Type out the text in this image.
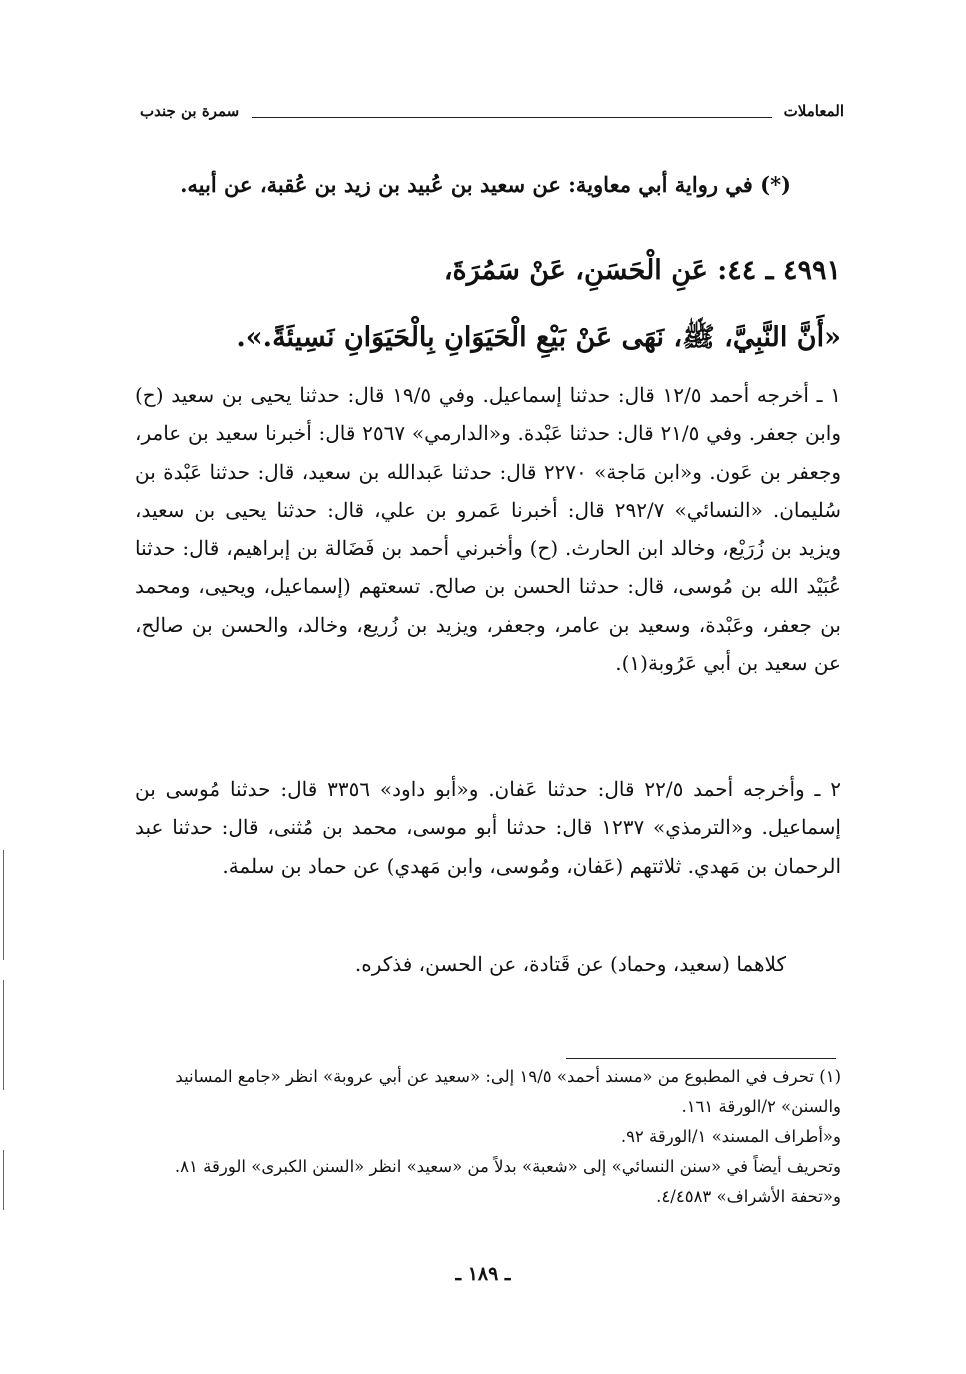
المعاملات
سمرة بن جندب
(*) في رواية أبي معاوية: عن سعيد بن عُبيد بن زيد بن عُقبة، عن أبيه.
٤٩٩١ ـ ٤٤: عَنِ الْحَسَنِ، عَنْ سَمُرَةَ،
«أَنَّ النَّبِيَّ، ﷺ، نَهَى عَنْ بَيْعِ الْحَيَوَانِ بِالْحَيَوَانِ نَسِيئَةً.».
١ ـ أخرجه أحمد ١٢/٥ قال: حدثنا إسماعيل. وفي ١٩/٥ قال: حدثنا يحيى بن سعيد (ح) وابن جعفر. وفي ٢١/٥ قال: حدثنا عَبْدة. و«الدارمي» ٢٥٦٧ قال: أخبرنا سعيد بن عامر، وجعفر بن عَون. و«ابن مَاجة» ٢٢٧٠ قال: حدثنا عَبدالله بن سعيد، قال: حدثنا عَبْدة بن سُليمان. «النسائي» ٢٩٢/٧ قال: أخبرنا عَمرو بن علي، قال: حدثنا يحيى بن سعيد، ويزيد بن زُرَيْع، وخالد ابن الحارث. (ح) وأخبرني أحمد بن فَضَالة بن إبراهيم، قال: حدثنا عُبَيْد الله بن مُوسى، قال: حدثنا الحسن بن صالح. تسعتهم (إسماعيل، ويحيى، ومحمد بن جعفر، وعَبْدة، وسعيد بن عامر، وجعفر، ويزيد بن زُريع، وخالد، والحسن بن صالح، عن سعيد بن أبي عَرُوبة(١).
٢ ـ وأخرجه أحمد ٢٢/٥ قال: حدثنا عَفان. و«أبو داود» ٣٣٥٦ قال: حدثنا مُوسى بن إسماعيل. و«الترمذي» ١٢٣٧ قال: حدثنا أبو موسى، محمد بن مُثنى، قال: حدثنا عبد الرحمان بن مَهدي. ثلاثتهم (عَفان، ومُوسى، وابن مَهدي) عن حماد بن سلمة.
كلاهما (سعيد، وحماد) عن قَتادة، عن الحسن، فذكره.
(١) تحرف في المطبوع من «مسند أحمد» ١٩/٥ إلى: «سعيد عن أبي عروبة» انظر «جامع المسانيد والسنن» ٢/الورقة ١٦١.
و«أطراف المسند» ١/الورقة ٩٢.
وتحريف أيضاً في «سنن النسائي» إلى «شعبة» بدلاً من «سعيد» انظر «السنن الكبرى» الورقة ٨١. و«تحفة الأشراف» ٤/٤٥٨٣.
ـ ١٨٩ ـ
